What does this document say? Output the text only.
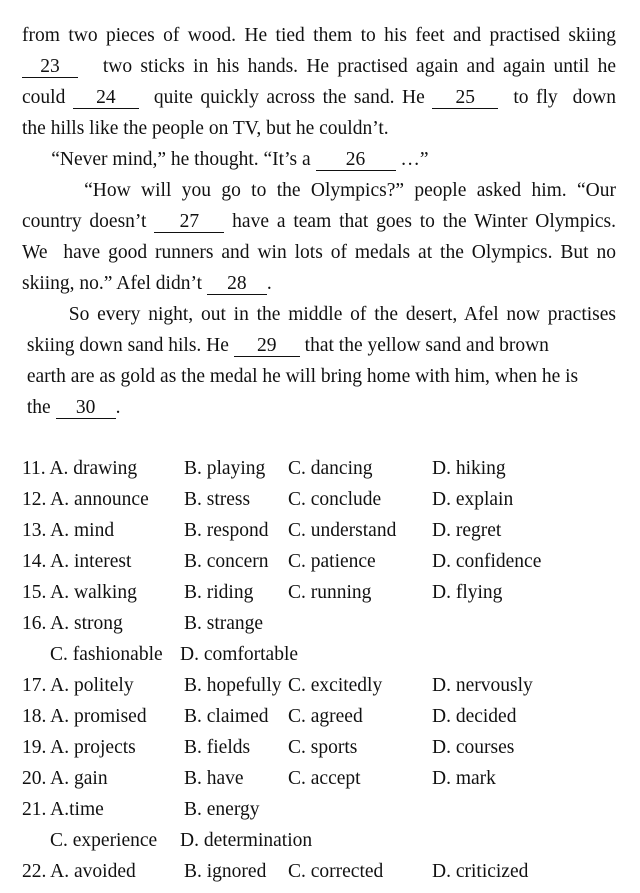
from two pieces of wood. He tied them to his feet and practised skiing
23   two sticks in his hands. He practised again and again until he
could 24  quite quickly across the sand. He 25  to fly  down
the hills like the people on TV, but he couldn’t.
“Never mind,” he thought. “It’s a 26 …”
“How will you go to the Olympics?” people asked him. “Our
country doesn’t 27 have a team that goes to the Winter Olympics.
We  have good runners and win lots of medals at the Olympics. But no
skiing, no.” Afel didn’t 28 .
So every night, out in the middle of the desert, Afel now practises
skiing down sand hils. He 29 that the yellow sand and brown
earth are as gold as the medal he will bring home with him, when he is
the 30 .
11. A. drawing B. playing C. dancing	D. hiking
12. A. announce B. stress C. conclude	D. explain
13. A. mind	B. respond C. understand D. regret
14. A. interest	B. concern C. patience	D. confidence
15. A. walking B. riding C. running	D. flying
16. A. strong	B. strange
C. fashionable D. comfortable
17. A. politely	B. hopefully C. excitedly	D. nervously
18. A. promised B. claimed C. agreed	D. decided
19. A. projects B. fields C. sports	D. courses
20. A. gain	B. have C. accept	D. mark
21. A.time	B. energy
C. experience D. determination
22. A. avoided B. ignored C. corrected D. criticized
